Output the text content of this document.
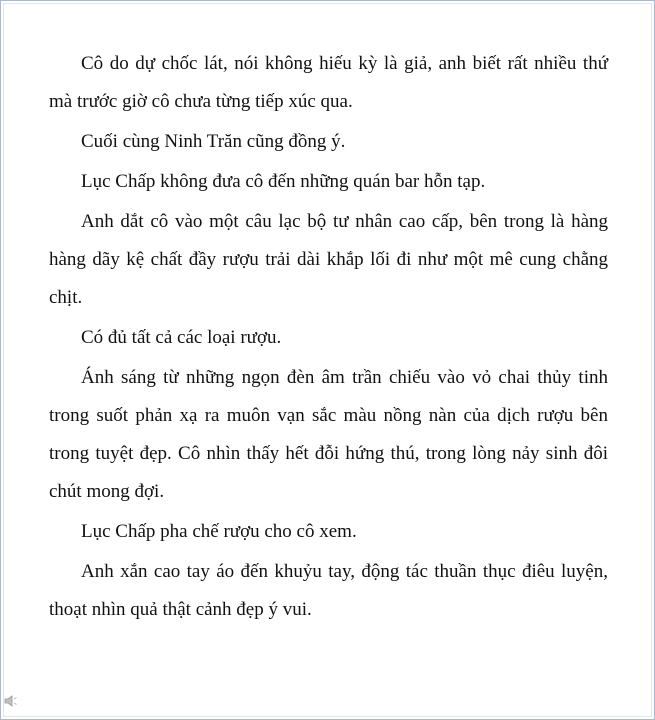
Cô do dự chốc lát, nói không hiếu kỳ là giả, anh biết rất nhiều thứ mà trước giờ cô chưa từng tiếp xúc qua.

Cuối cùng Ninh Trăn cũng đồng ý.

Lục Chấp không đưa cô đến những quán bar hỗn tạp.

Anh dắt cô vào một câu lạc bộ tư nhân cao cấp, bên trong là hàng hàng dãy kệ chất đầy rượu trải dài khắp lối đi như một mê cung chằng chịt.

Có đủ tất cả các loại rượu.

Ánh sáng từ những ngọn đèn âm trần chiếu vào vỏ chai thủy tinh trong suốt phản xạ ra muôn vạn sắc màu nồng nàn của dịch rượu bên trong tuyệt đẹp. Cô nhìn thấy hết đỗi hứng thú, trong lòng nảy sinh đôi chút mong đợi.

Lục Chấp pha chế rượu cho cô xem.

Anh xắn cao tay áo đến khuỷu tay, động tác thuần thục điêu luyện, thoạt nhìn quả thật cảnh đẹp ý vui.
